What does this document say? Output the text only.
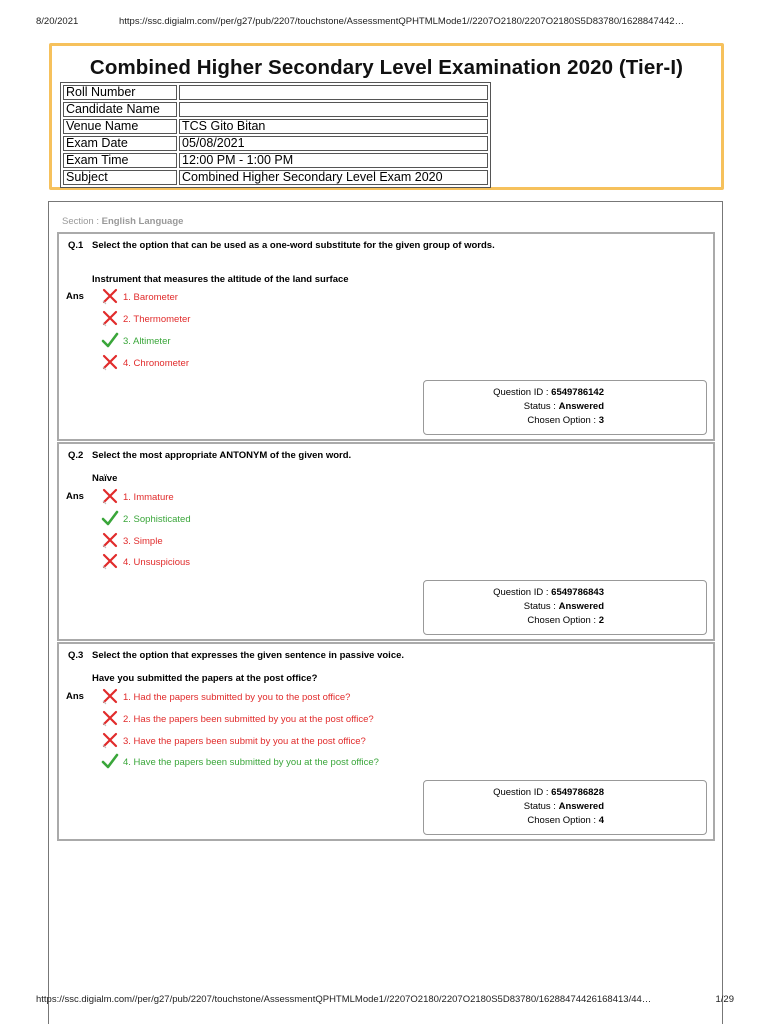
8/20/2021	https://ssc.digialm.com//per/g27/pub/2207/touchstone/AssessmentQPHTMLMode1//2207O2180/2207O2180S5D83780/1628847442…
Combined Higher Secondary Level Examination 2020 (Tier-I)
Roll Number	
Candidate Name	
Venue Name	TCS Gito Bitan
Exam Date	05/08/2021
Exam Time	12:00 PM - 1:00 PM
Subject	Combined Higher Secondary Level Exam 2020
Section : English Language
Q.1 Select the option that can be used as a one-word substitute for the given group of words.
Instrument that measures the altitude of the land surface
Ans	1. Barometer
2. Thermometer
3. Altimeter
4. Chronometer
Question ID : 6549786142
Status : Answered
Chosen Option : 3
Q.2 Select the most appropriate ANTONYM of the given word.
Naïve
Ans	1. Immature
2. Sophisticated
3. Simple
4. Unsuspicious
Question ID : 6549786843
Status : Answered
Chosen Option : 2
Q.3 Select the option that expresses the given sentence in passive voice.
Have you submitted the papers at the post office?
Ans	1. Had the papers submitted by you to the post office?
2. Has the papers been submitted by you at the post office?
3. Have the papers been submit by you at the post office?
4. Have the papers been submitted by you at the post office?
Question ID : 6549786828
Status : Answered
Chosen Option : 4
https://ssc.digialm.com//per/g27/pub/2207/touchstone/AssessmentQPHTMLMode1//2207O2180/2207O2180S5D83780/16288474426168413/44…	1/29
